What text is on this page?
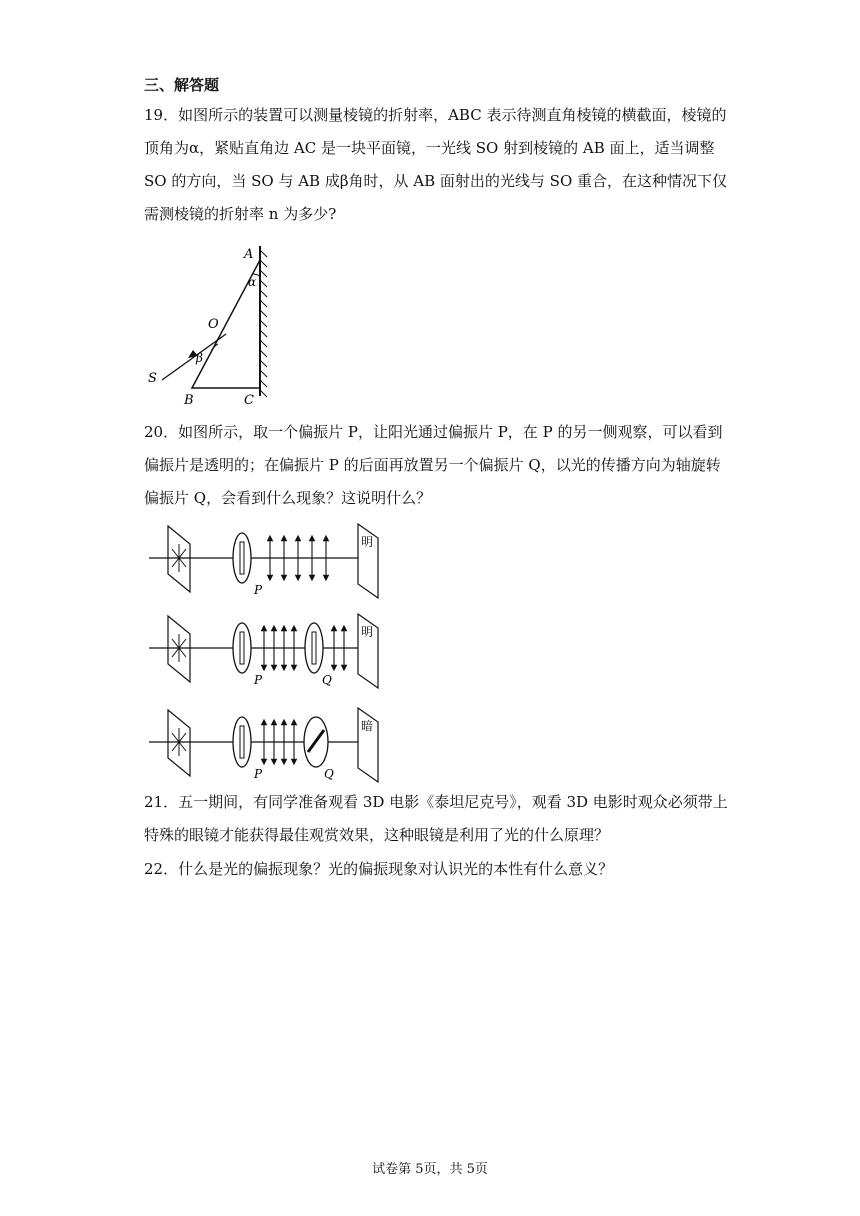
三、解答题
19．如图所示的装置可以测量棱镜的折射率，ABC 表示待测直角棱镜的横截面，棱镜的
顶角为α，紧贴直角边 AC 是一块平面镜，一光线 SO 射到棱镜的 AB 面上，适当调整
SO 的方向，当 SO 与 AB 成β角时，从 AB 面射出的光线与 SO 重合，在这种情况下仅
需测棱镜的折射率 n 为多少?
A
α
O
β
S
B	C
20．如图所示，取一个偏振片 P，让阳光通过偏振片 P，在 P 的另一侧观察，可以看到
偏振片是透明的；在偏振片 P 的后面再放置另一个偏振片 Q，以光的传播方向为轴旋转
偏振片 Q，会看到什么现象？这说明什么？
明
P
明
P	Q
暗
P	Q
21．五一期间，有同学准备观看 3D 电影《泰坦尼克号》，观看 3D 电影时观众必须带上
特殊的眼镜才能获得最佳观赏效果，这种眼镜是利用了光的什么原理？
22．什么是光的偏振现象？光的偏振现象对认识光的本性有什么意义？
试卷第 5页，共 5页
